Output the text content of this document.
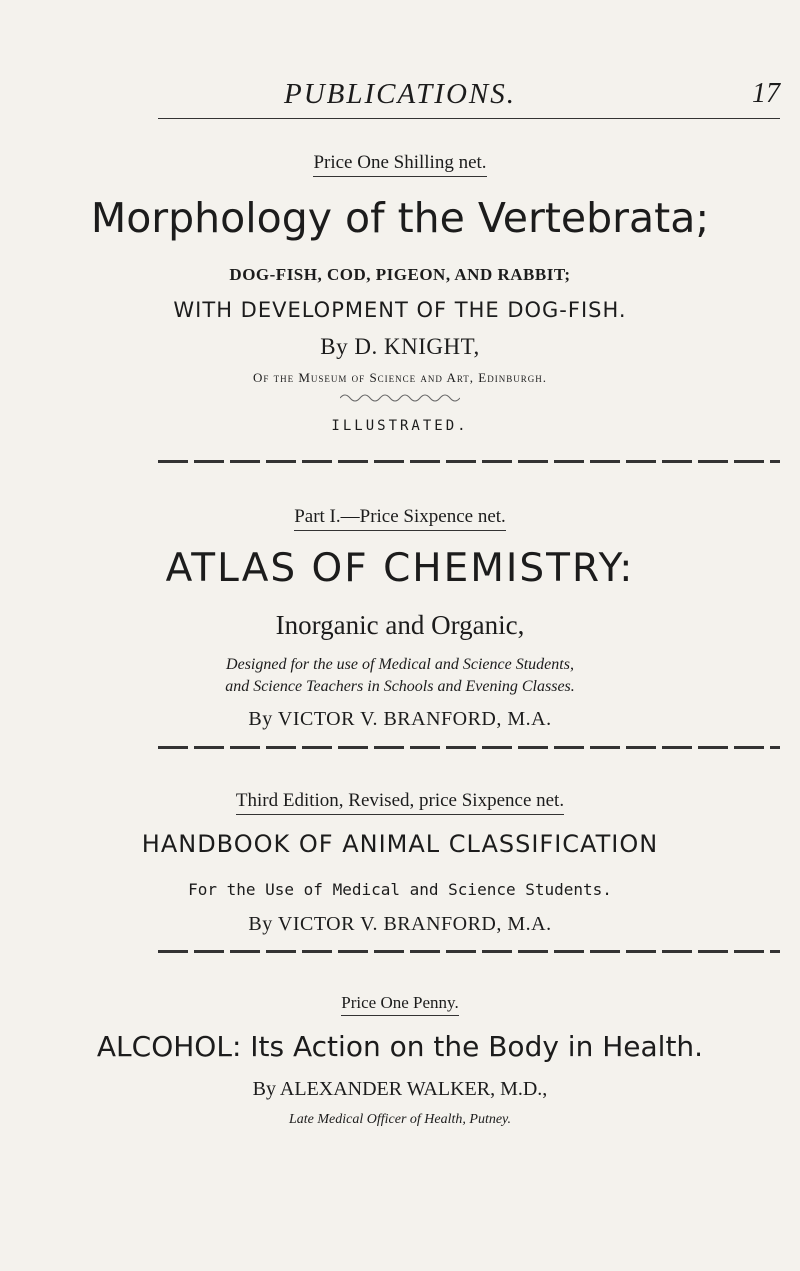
PUBLICATIONS.	17
Price One Shilling net.
Morphology of the Vertebrata;
DOG-FISH, COD, PIGEON, AND RABBIT;
WITH DEVELOPMENT OF THE DOG-FISH.
By D. KNIGHT,
Of the Museum of Science and Art, Edinburgh.
ILLUSTRATED.
Part I.—Price Sixpence net.
ATLAS OF CHEMISTRY:
Inorganic and Organic,
Designed for the use of Medical and Science Students, and Science Teachers in Schools and Evening Classes.
By VICTOR V. BRANFORD, M.A.
Third Edition, Revised, price Sixpence net.
HANDBOOK OF ANIMAL CLASSIFICATION
For the Use of Medical and Science Students.
By VICTOR V. BRANFORD, M.A.
Price One Penny.
ALCOHOL: Its Action on the Body in Health.
By ALEXANDER WALKER, M.D.,
Late Medical Officer of Health, Putney.
